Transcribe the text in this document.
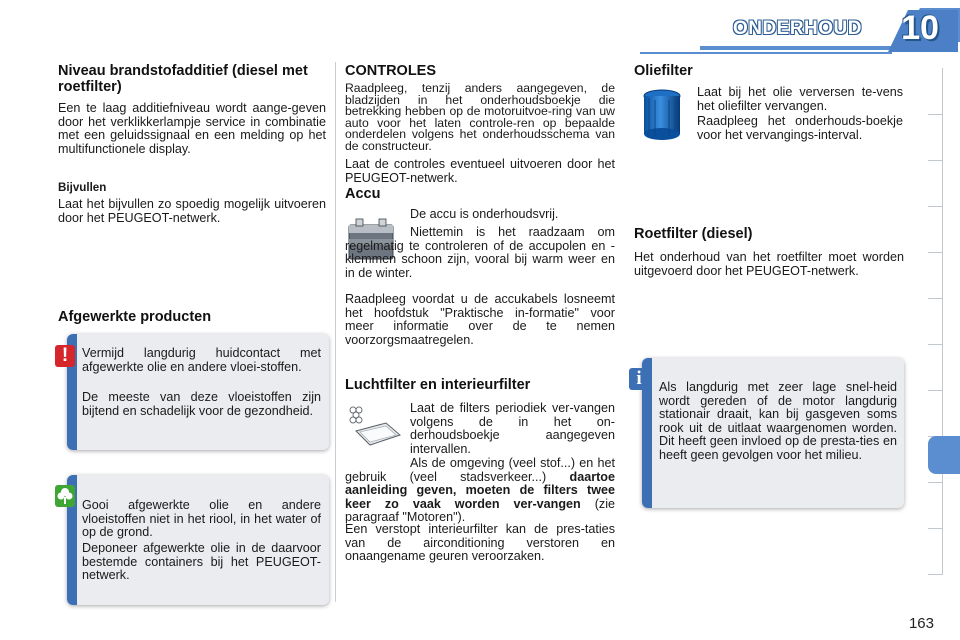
ONDERHOUD 10
Niveau brandstofadditief (diesel met roetfilter)

Een te laag additiefniveau wordt aange-geven door het verklikkerlampje service in combinatie met een geluidssignaal en een melding op het multifunctionele display.

Bijvullen

Laat het bijvullen zo spoedig mogelijk uitvoeren door het PEUGEOT-netwerk.

Afgewerkte producten

Vermijd langdurig huidcontact met afgewerkte olie en andere vloei-stoffen.

De meeste van deze vloeistoffen zijn bijtend en schadelijk voor de gezondheid.

!

Gooi afgewerkte olie en andere vloeistoffen niet in het riool, in het water of op de grond.

Deponeer afgewerkte olie in de daarvoor bestemde containers bij het PEUGEOT-netwerk.

CONTROLES

Raadpleeg, tenzij anders aangegeven, de bladzijden in het onderhoudsboekje die betrekking hebben op de motoruitvoe-ring van uw auto voor het laten controle-ren op bepaalde onderdelen volgens het onderhoudsschema van de constructeur.

Laat de controles eventueel uitvoeren door het PEUGEOT-netwerk.

Accu

De accu is onderhoudsvrij.

Niettemin is het raadzaam om regelmatig te controleren of de accupolen en -klemmen schoon zijn, vooral bij warm weer en in de winter.

Raadpleeg voordat u de accukabels losneemt het hoofdstuk "Praktische in-formatie" voor meer informatie over de te nemen voorzorgsmaatregelen.

Luchtfilter en interieurfilter

Laat de filters periodiek ver-vangen volgens de in het on-derhoudsboekje aangegeven intervallen.

Als de omgeving (veel stof...) en het gebruik (veel stadsverkeer...) daartoe aanleiding geven, moeten de filters twee keer zo vaak worden ver-vangen (zie paragraaf "Motoren").

Een verstopt interieurfilter kan de pres-taties van de airconditioning verstoren en onaangename geuren veroorzaken.

Oliefilter

Laat bij het olie verversen te-vens het oliefilter vervangen.

Raadpleeg het onderhouds-boekje voor het vervangings-interval.

Roetfilter (diesel)

Het onderhoud van het roetfilter moet worden uitgevoerd door het PEUGEOT-netwerk.

Als langdurig met zeer lage snel-heid wordt gereden of de motor langdurig stationair draait, kan bij gasgeven soms rook uit de uitlaat waargenomen worden. Dit heeft geen invloed op de presta-ties en heeft geen gevolgen voor het milieu.

i
163
